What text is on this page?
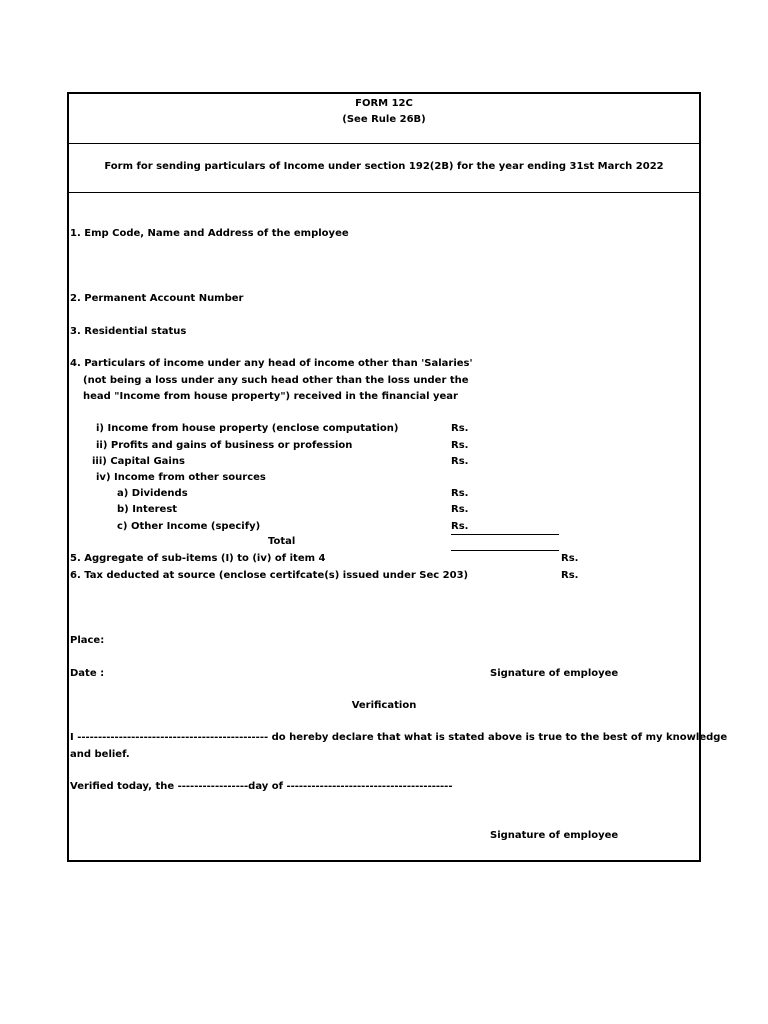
FORM 12C
(See Rule 26B)
Form for sending particulars of Income under section 192(2B) for the year ending 31st March 2022
1. Emp Code, Name and Address of the employee
2. Permanent Account Number
3. Residential status
4. Particulars of income under any head of income other than 'Salaries'
(not being a loss under any such head other than the loss under the
head "Income from house property") received in the financial year
i) Income from house property (enclose computation)	Rs.
ii) Profits and gains of business or profession	Rs.
iii) Capital Gains	Rs.
iv) Income from other sources
a) Dividends	Rs.
b) Interest	Rs.
c) Other Income (specify)	Rs.
Total
5. Aggregate of sub-items (I) to (iv) of item 4	Rs.
6. Tax deducted at source (enclose certifcate(s) issued under Sec 203)	Rs.
Place:
Date :	Signature of employee
Verification
I ---------------------------------------------- do hereby declare that what is stated above is true to the best of my knowledge
and belief.
Verified today, the -----------------day of ----------------------------------------
Signature of employee
